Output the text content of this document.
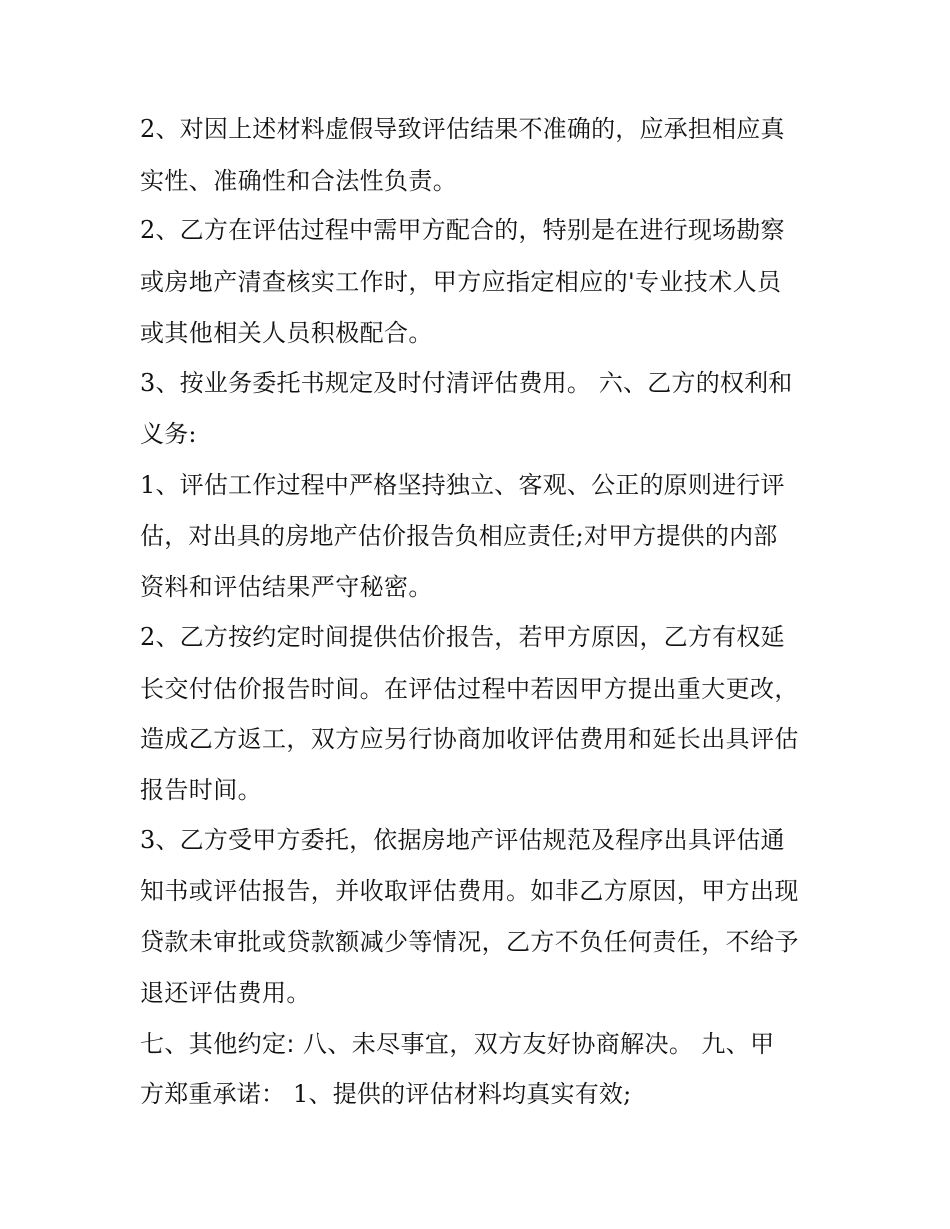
2、对因上述材料虚假导致评估结果不准确的，应承担相应真
实性、准确性和合法性负责。
2、乙方在评估过程中需甲方配合的，特别是在进行现场勘察
或房地产清查核实工作时，甲方应指定相应的'专业技术人员
或其他相关人员积极配合。
3、按业务委托书规定及时付清评估费用。 六、乙方的权利和
义务:
1、评估工作过程中严格坚持独立、客观、公正的原则进行评
估，对出具的房地产估价报告负相应责任;对甲方提供的内部
资料和评估结果严守秘密。
2、乙方按约定时间提供估价报告，若甲方原因，乙方有权延
长交付估价报告时间。在评估过程中若因甲方提出重大更改，
造成乙方返工，双方应另行协商加收评估费用和延长出具评估
报告时间。
3、乙方受甲方委托，依据房地产评估规范及程序出具评估通
知书或评估报告，并收取评估费用。如非乙方原因，甲方出现
贷款未审批或贷款额减少等情况，乙方不负任何责任，不给予
退还评估费用。
七、其他约定: 八、未尽事宜，双方友好协商解决。 九、甲
方郑重承诺： 1、提供的评估材料均真实有效;
